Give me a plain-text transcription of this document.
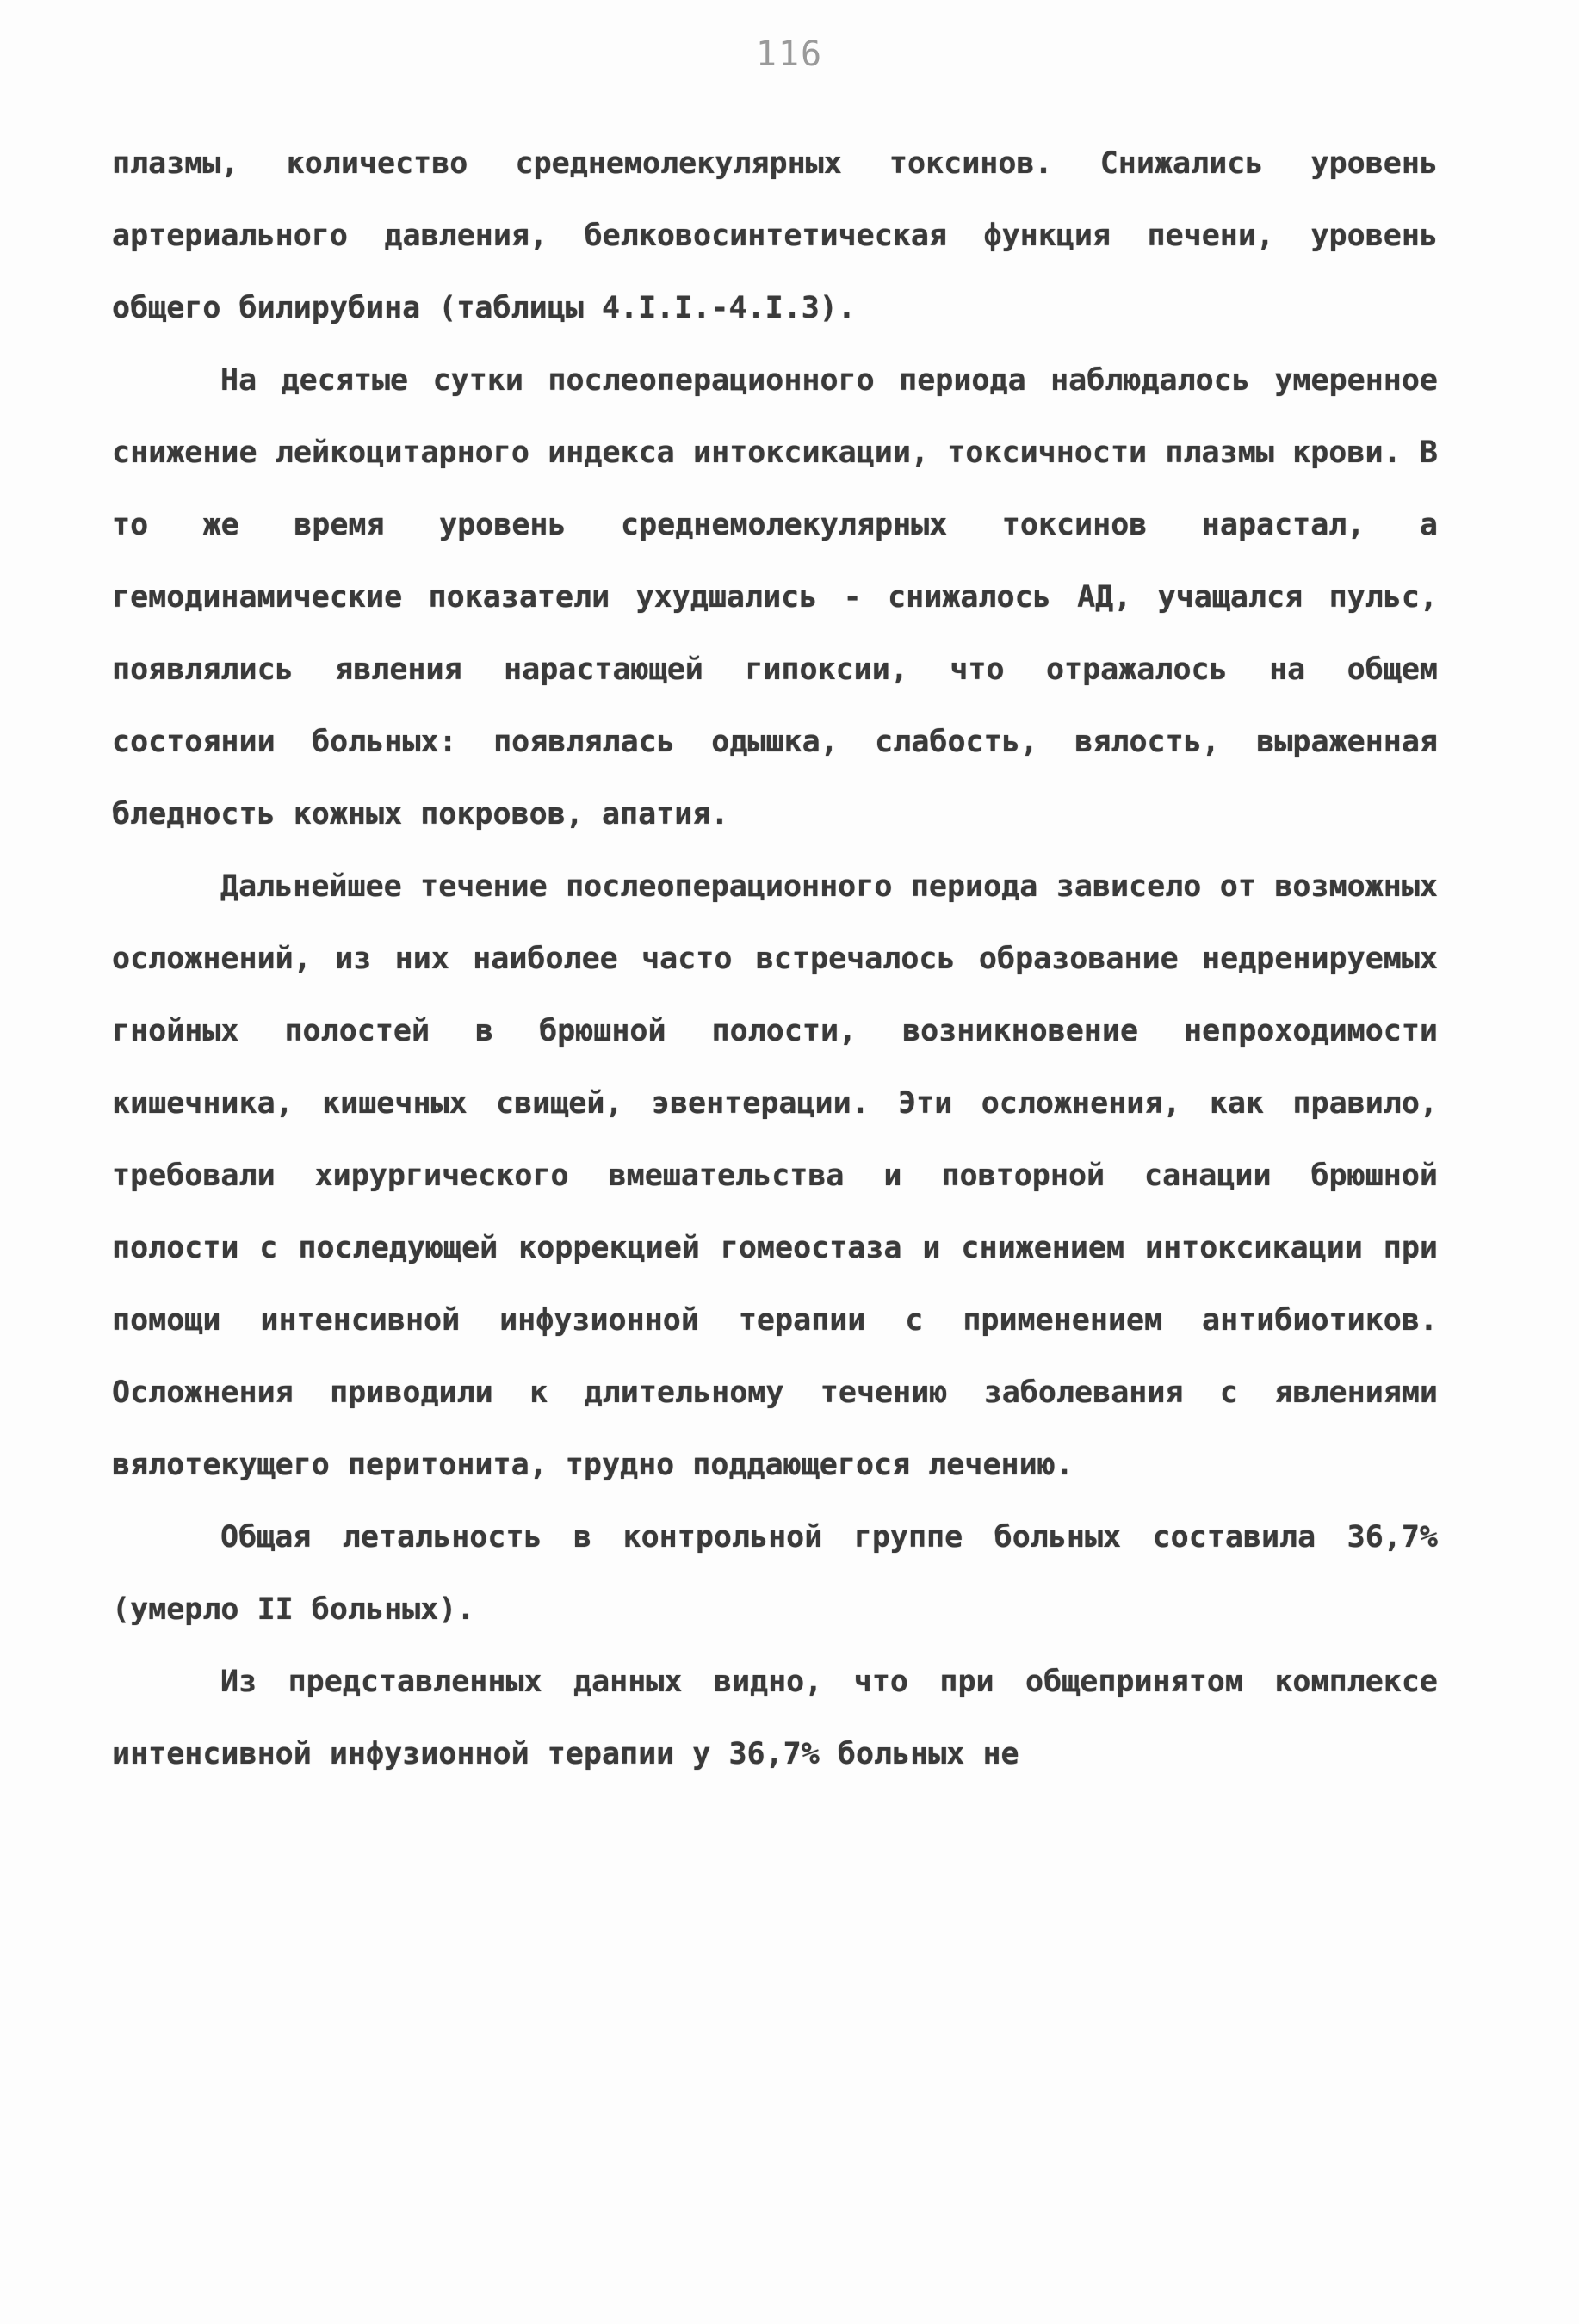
116

плазмы, количество среднемолекулярных токсинов. Снижались уровень артериального давления, белковосинтетическая функция печени, уровень общего билирубина (таблицы 4.I.I.-4.I.3).

На десятые сутки послеоперационного периода наблюдалось умеренное снижение лейкоцитарного индекса интоксикации, токсичности плазмы крови. В то же время уровень среднемолекулярных токсинов нарастал, а гемодинамические показатели ухудшались - снижалось АД, учащался пульс, появлялись явления нарастающей гипоксии, что отражалось на общем состоянии больных: появлялась одышка, слабость, вялость, выраженная бледность кожных покровов, апатия.

Дальнейшее течение послеоперационного периода зависело от возможных осложнений, из них наиболее часто встречалось образование недренируемых гнойных полостей в брюшной полости, возникновение непроходимости кишечника, кишечных свищей, эвентерации. Эти осложнения, как правило, требовали хирургического вмешательства и повторной санации брюшной полости с последующей коррекцией гомеостаза и снижением интоксикации при помощи интенсивной инфузионной терапии с применением антибиотиков. Осложнения приводили к длительному течению заболевания с явлениями вялотекущего перитонита, трудно поддающегося лечению.

Общая летальность в контрольной группе больных составила 36,7% (умерло II больных).

Из представленных данных видно, что при общепринятом комплексе интенсивной инфузионной терапии у 36,7% больных не
